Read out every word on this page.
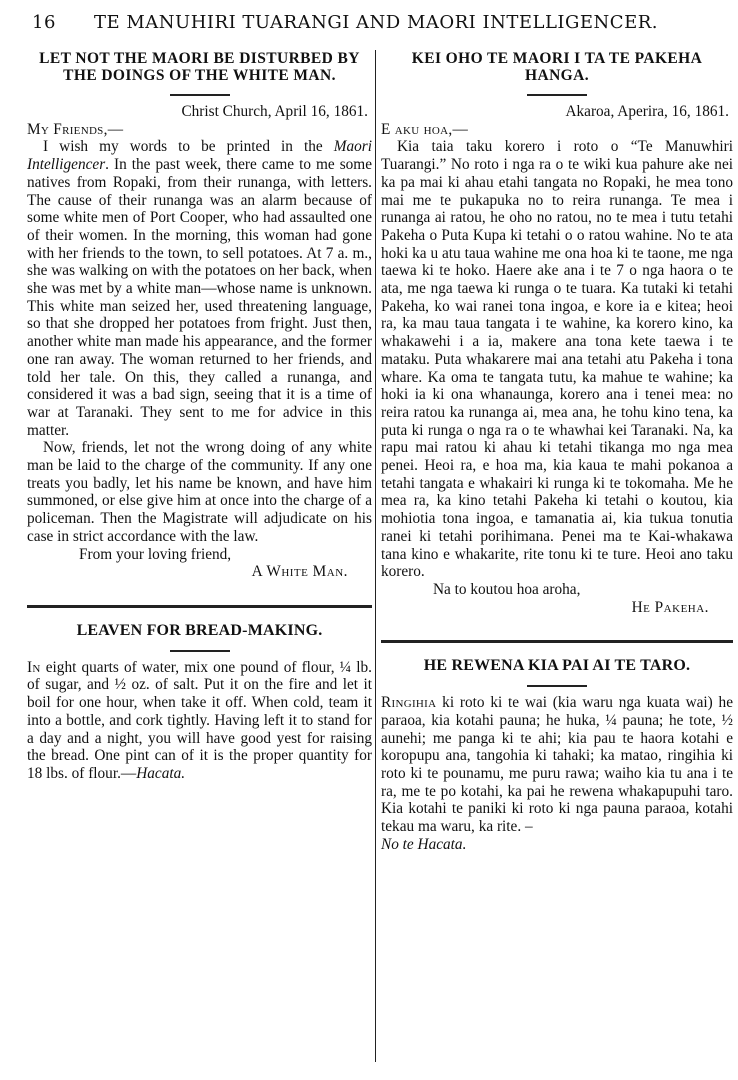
16 TE MANUHIRI TUARANGI AND MAORI INTELLIGENCER.
LET NOT THE MAORI BE DISTURBED BY THE DOINGS OF THE WHITE MAN.
Christ Church, April 16, 1861.
My Friends,—

I wish my words to be printed in the Maori Intelligencer. In the past week, there came to me some natives from Ropaki, from their runanga, with letters. The cause of their runanga was an alarm because of some white men of Port Cooper, who had assaulted one of their women. In the morning, this woman had gone with her friends to the town, to sell potatoes. At 7 a. m., she was walking on with the potatoes on her back, when she was met by a white man—whose name is unknown. This white man seized her, used threatening language, so that she dropped her potatoes from fright. Just then, another white man made his appearance, and the former one ran away. The woman returned to her friends, and told her tale. On this, they called a runanga, and considered it was a bad sign, seeing that it is a time of war at Taranaki. They sent to me for advice in this matter.

Now, friends, let not the wrong doing of any white man be laid to the charge of the community. If any one treats you badly, let his name be known, and have him summoned, or else give him at once into the charge of a policeman. Then the Magistrate will adjudicate on his case in strict accordance with the law.

From your loving friend,

A White Man.

LEAVEN FOR BREAD-MAKING.

In eight quarts of water, mix one pound of flour, ¼ lb. of sugar, and ½ oz. of salt. Put it on the fire and let it boil for one hour, when take it off. When cold, team it into a bottle, and cork tightly. Having left it to stand for a day and a night, you will have good yest for raising the bread. One pint can of it is the proper quantity for 18 lbs. of flour.—Hacata.

KEI OHO TE MAORI I TA TE PAKEHA HANGA.
Akaroa, Aperira, 16, 1861.
E aku hoa,—

Kia taia taku korero i roto o “Te Manuwhiri Tuarangi.” No roto i nga ra o te wiki kua pahure ake nei ka pa mai ki ahau etahi tangata no Ropaki, he mea tono mai me te pukapuka no to reira runanga. Te mea i runanga ai ratou, he oho no ratou, no te mea i tutu tetahi Pakeha o Puta Kupa ki tetahi o o ratou wahine. No te ata hoki ka u atu taua wahine me ona hoa ki te taone, me nga taewa ki te hoko. Haere ake ana i te 7 o nga haora o te ata, me nga taewa ki runga o te tuara. Ka tutaki ki tetahi Pakeha, ko wai ranei tona ingoa, e kore ia e kitea; heoi ra, ka mau taua tangata i te wahine, ka korero kino, ka whakawehi i a ia, makere ana tona kete taewa i te mataku. Puta whakarere mai ana tetahi atu Pakeha i tona whare. Ka oma te tangata tutu, ka mahue te wahine; ka hoki ia ki ona whanaunga, korero ana i tenei mea: no reira ratou ka runanga ai, mea ana, he tohu kino tena, ka puta ki runga o nga ra o te whawhai kei Taranaki. Na, ka rapu mai ratou ki ahau ki tetahi tikanga mo nga mea penei. Heoi ra, e hoa ma, kia kaua te mahi pokanoa a tetahi tangata e whakairi ki runga ki te tokomaha. Me he mea ra, ka kino tetahi Pakeha ki tetahi o koutou, kia mohiotia tona ingoa, e tamanatia ai, kia tukua tonutia ranei ki tetahi porihimana. Penei ma te Kai-whakawa tana kino e whakarite, rite tonu ki te ture. Heoi ano taku korero.

Na to koutou hoa aroha,

He Pakeha.

HE REWENA KIA PAI AI TE TARO.

Ringihia ki roto ki te wai (kia waru nga kuata wai) he paraoa, kia kotahi pauna; he huka, ¼ pauna; he tote, ½ aunehi; me panga ki te ahi; kia pau te haora kotahi e koropupu ana, tangohia ki tahaki; ka matao, ringihia ki roto ki te pounamu, me puru rawa; waiho kia tu ana i te ra, me te po kotahi, ka pai he rewena whakapupuhi taro. Kia kotahi te paniki ki roto ki nga pauna paraoa, kotahi tekau ma waru, ka rite. –
No te Hacata.
